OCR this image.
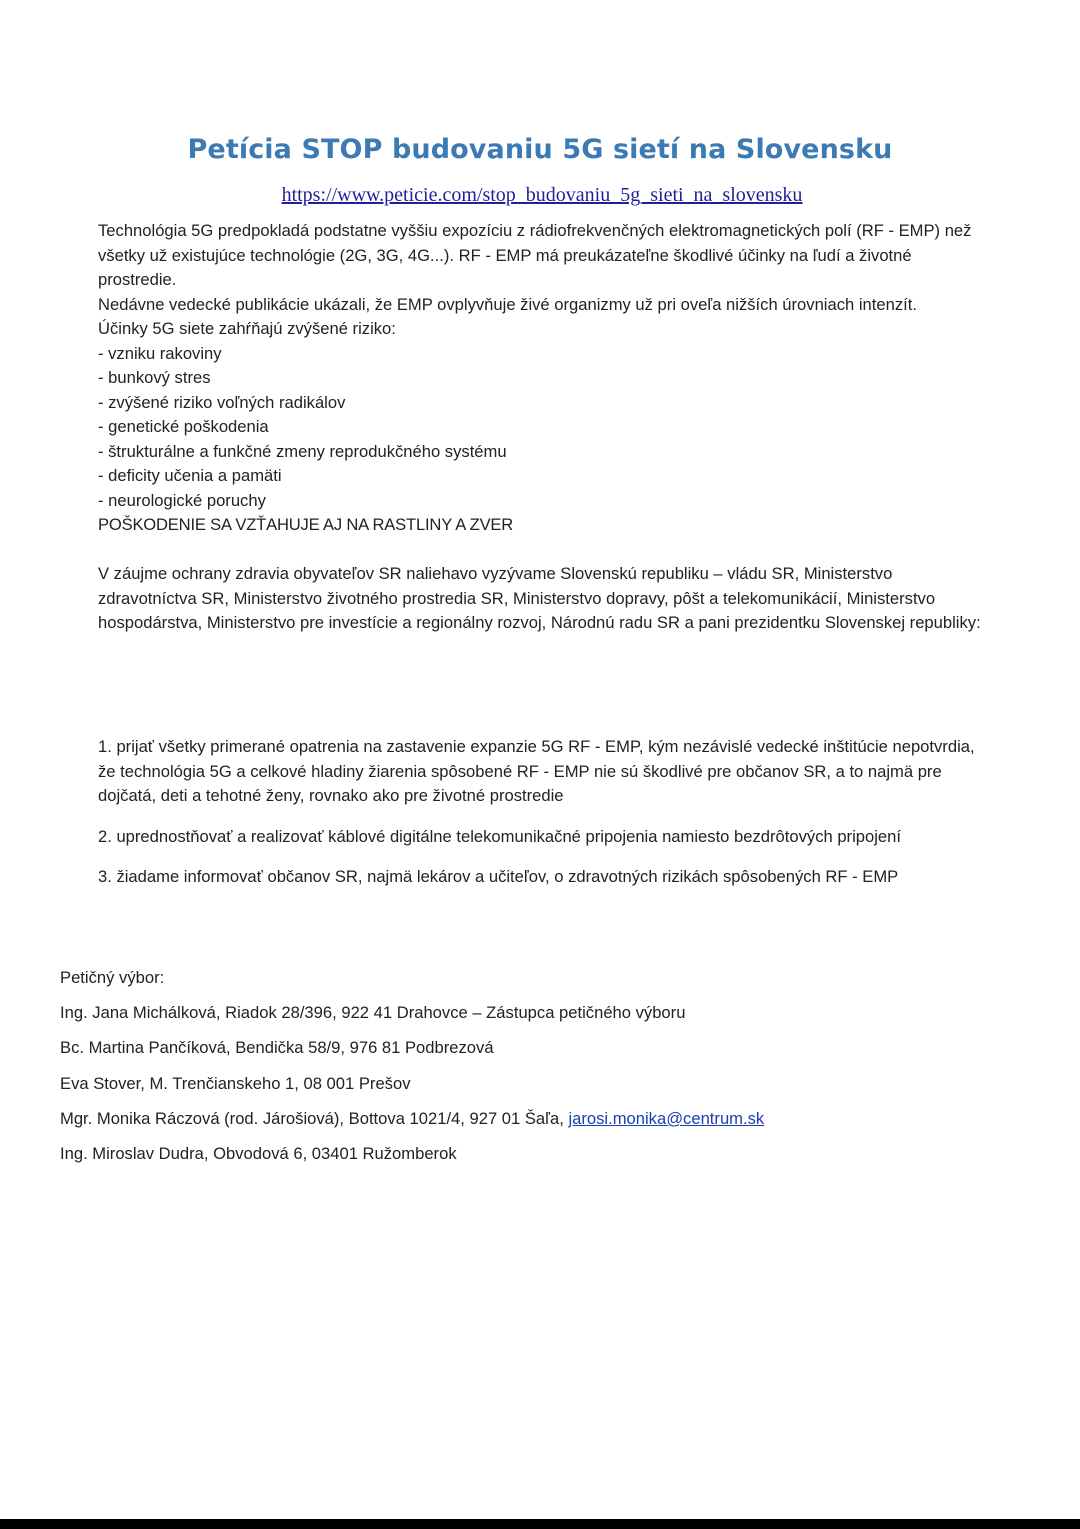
Petícia STOP budovaniu 5G sietí na Slovensku
https://www.peticie.com/stop_budovaniu_5g_sieti_na_slovensku

Technológia 5G predpokladá podstatne vyššiu expozíciu z rádiofrekvenčných elektromagnetických polí (RF - EMP) než všetky už existujúce technológie (2G, 3G, 4G...). RF - EMP má preukázateľne škodlivé účinky na ľudí a životné prostredie.

Nedávne vedecké publikácie ukázali, že EMP ovplyvňuje živé organizmy už pri oveľa nižších úrovniach intenzít.

Účinky 5G siete zahŕňajú zvýšené riziko:

- vzniku rakoviny

- bunkový stres

- zvýšené riziko voľných radikálov

- genetické poškodenia

- štrukturálne a funkčné zmeny reprodukčného systému

- deficity učenia a pamäti

- neurologické poruchy

POŠKODENIE SA VZŤAHUJE AJ NA RASTLINY A ZVER

V záujme ochrany zdravia obyvateľov SR naliehavo vyzývame Slovenskú republiku – vládu SR, Ministerstvo zdravotníctva SR, Ministerstvo životného prostredia SR, Ministerstvo dopravy, pôšt a telekomunikácií, Ministerstvo hospodárstva, Ministerstvo pre investície a regionálny rozvoj, Národnú radu SR a pani prezidentku Slovenskej republiky:

1. prijať všetky primerané opatrenia na zastavenie expanzie 5G RF - EMP, kým nezávislé vedecké inštitúcie nepotvrdia, že technológia 5G a celkové hladiny žiarenia spôsobené RF - EMP nie sú škodlivé pre občanov SR, a to najmä pre dojčatá, deti a tehotné ženy, rovnako ako pre životné prostredie

2. uprednostňovať a realizovať káblové digitálne telekomunikačné pripojenia namiesto bezdrôtových pripojení

3. žiadame informovať občanov SR, najmä lekárov a učiteľov, o zdravotných rizikách spôsobených RF - EMP

Petičný výbor:

Ing. Jana Michálková, Riadok 28/396, 922 41 Drahovce – Zástupca petičného výboru

Bc. Martina Pančíková, Bendička 58/9, 976 81 Podbrezová

Eva Stover, M. Trenčianskeho 1, 08 001 Prešov

Mgr. Monika Ráczová (rod. Járošiová), Bottova 1021/4, 927 01 Šaľa, jarosi.monika@centrum.sk

Ing. Miroslav Dudra, Obvodová 6, 03401 Ružomberok
